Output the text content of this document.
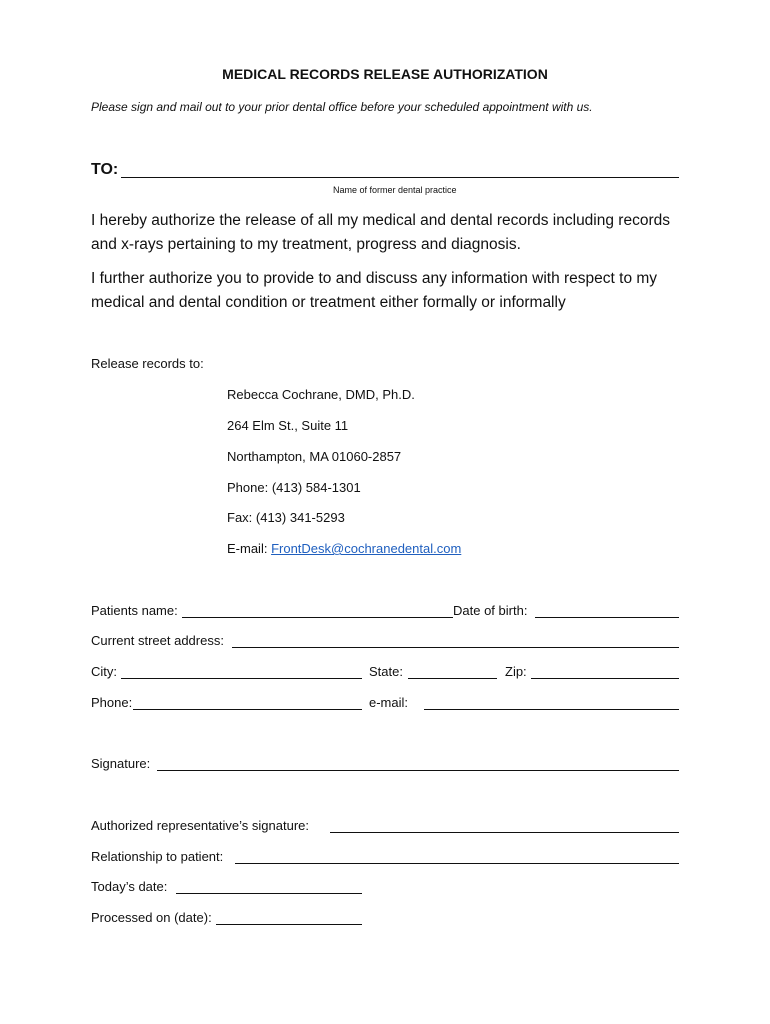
MEDICAL RECORDS RELEASE AUTHORIZATION
Please sign and mail out to your prior dental office before your scheduled appointment with us.
TO:
Name of former dental practice
I hereby authorize the release of all my medical and dental records including records and x-rays pertaining to my treatment, progress and diagnosis.
I further authorize you to provide to and discuss any information with respect to my medical and dental condition or treatment either formally or informally
Release records to:
Rebecca Cochrane, DMD, Ph.D.
264 Elm St., Suite 11
Northampton, MA 01060-2857
Phone: (413) 584-1301
Fax: (413) 341-5293
E-mail: FrontDesk@cochranedental.com
Patients name:	Date of birth:
Current street address:
City:	State:	Zip:
Phone:	e-mail:
Signature:
Authorized representative’s signature:
Relationship to patient:
Today’s date:
Processed on (date):
